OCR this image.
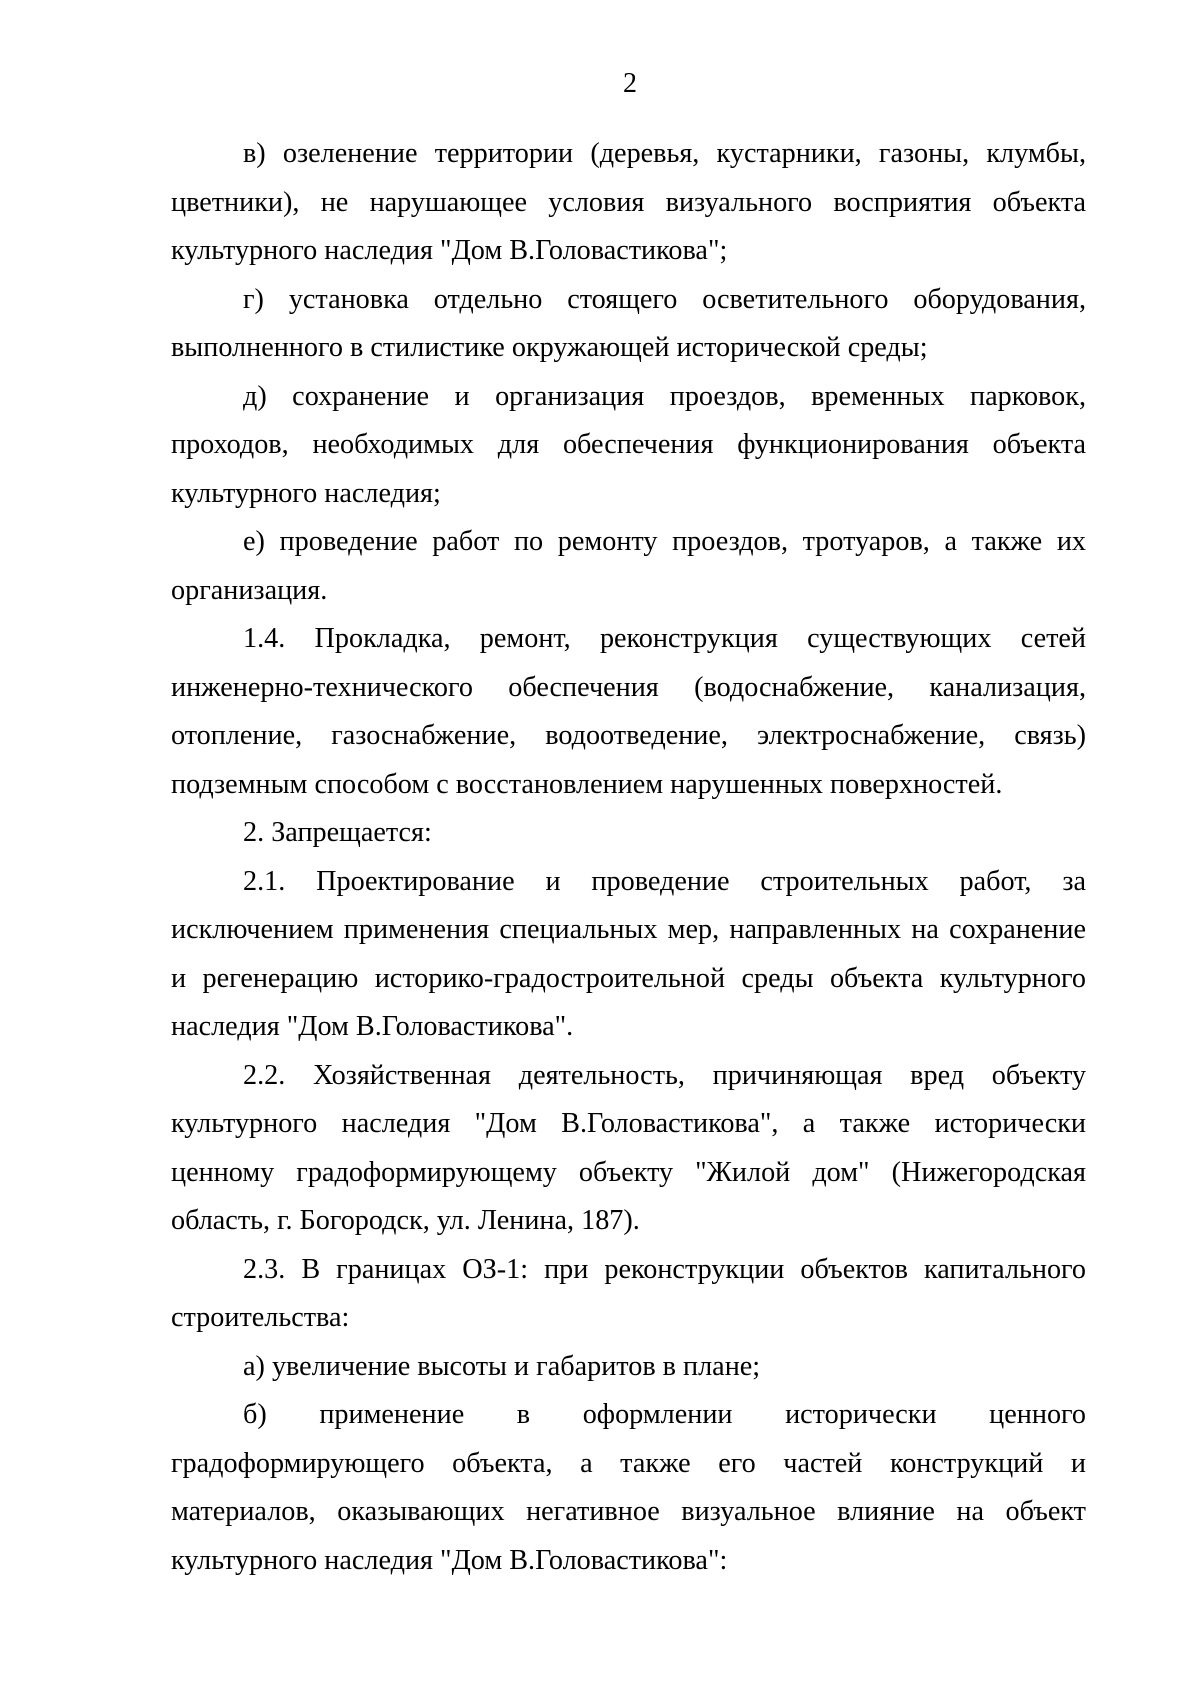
2

в) озеленение территории (деревья, кустарники, газоны, клумбы, цветники), не нарушающее условия визуального восприятия объекта культурного наследия "Дом В.Головастикова";

г) установка отдельно стоящего осветительного оборудования, выполненного в стилистике окружающей исторической среды;

д) сохранение и организация проездов, временных парковок, проходов, необходимых для обеспечения функционирования объекта культурного наследия;

е) проведение работ по ремонту проездов, тротуаров, а также их организация.

1.4. Прокладка, ремонт, реконструкция существующих сетей инженерно-технического обеспечения (водоснабжение, канализация, отопление, газоснабжение, водоотведение, электроснабжение, связь) подземным способом с восстановлением нарушенных поверхностей.

2. Запрещается:

2.1. Проектирование и проведение строительных работ, за исключением применения специальных мер, направленных на сохранение и регенерацию историко-градостроительной среды объекта культурного наследия "Дом В.Головастикова".

2.2. Хозяйственная деятельность, причиняющая вред объекту культурного наследия "Дом В.Головастикова", а также исторически ценному градоформирующему объекту "Жилой дом" (Нижегородская область, г. Богородск, ул. Ленина, 187).

2.3. В границах ОЗ-1: при реконструкции объектов капитального строительства:

а) увеличение высоты и габаритов в плане;

б) применение в оформлении исторически ценного градоформирующего объекта, а также его частей конструкций и материалов, оказывающих негативное визуальное влияние на объект культурного наследия "Дом В.Головастикова":
